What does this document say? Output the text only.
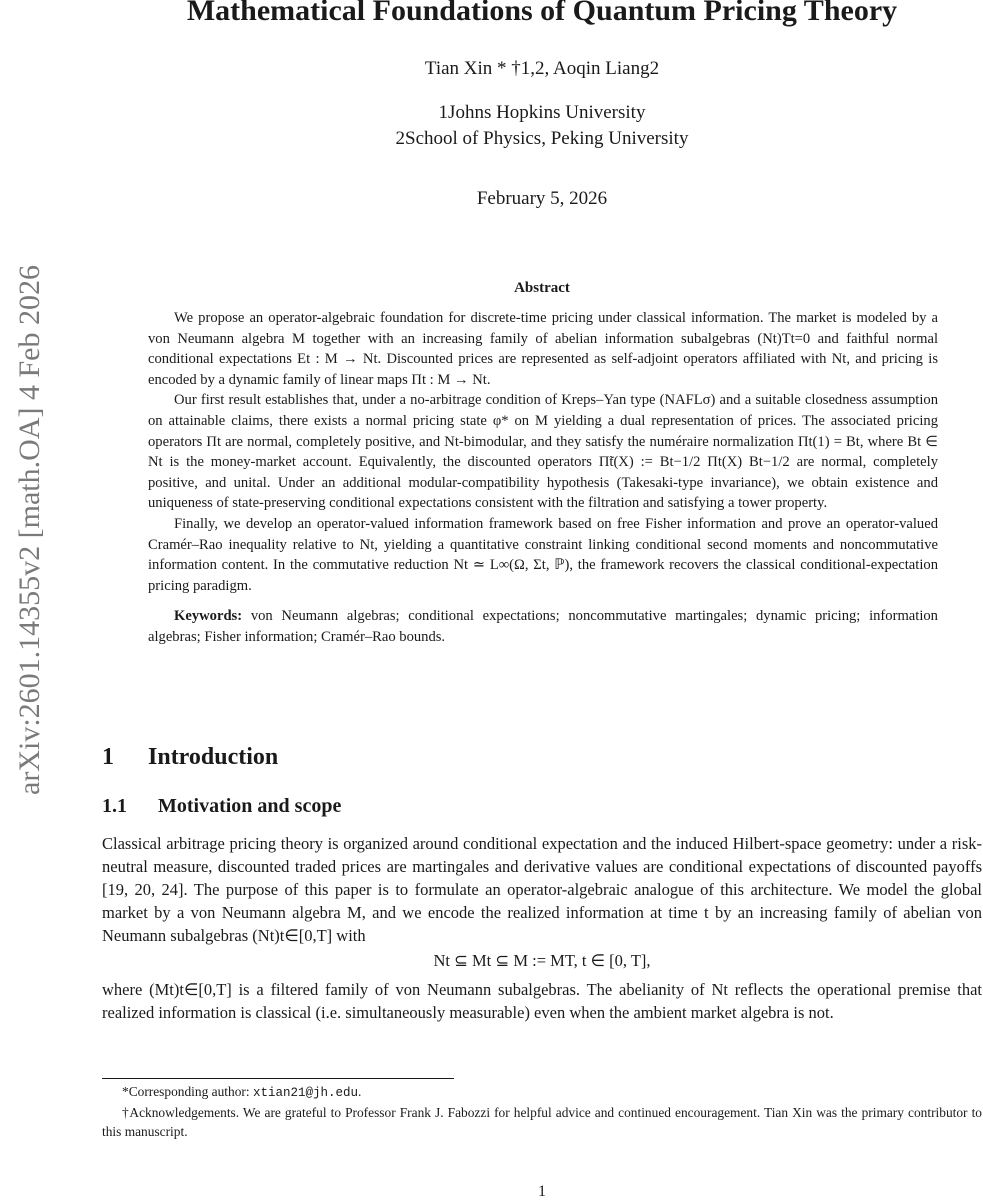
arXiv:2601.14355v2 [math.OA] 4 Feb 2026
Mathematical Foundations of Quantum Pricing Theory
Tian Xin * †1,2, Aoqin Liang2
1Johns Hopkins University
2School of Physics, Peking University
February 5, 2026
Abstract

We propose an operator-algebraic foundation for discrete-time pricing under classical information. The market is modeled by a von Neumann algebra M together with an increasing family of abelian information subalgebras (Nt)Tt=0 and faithful normal conditional expectations Et : M → Nt. Discounted prices are represented as self-adjoint operators affiliated with Nt, and pricing is encoded by a dynamic family of linear maps Πt : M → Nt.

Our first result establishes that, under a no-arbitrage condition of Kreps–Yan type (NAFLσ) and a suitable closedness assumption on attainable claims, there exists a normal pricing state φ* on M yielding a dual representation of prices. The associated pricing operators Πt are normal, completely positive, and Nt-bimodular, and they satisfy the numéraire normalization Πt(1) = Bt, where Bt ∈ Nt is the money-market account. Equivalently, the discounted operators Π̃t(X) := Bt−1/2 Πt(X) Bt−1/2 are normal, completely positive, and unital. Under an additional modular-compatibility hypothesis (Takesaki-type invariance), we obtain existence and uniqueness of state-preserving conditional expectations consistent with the filtration and satisfying a tower property.

Finally, we develop an operator-valued information framework based on free Fisher information and prove an operator-valued Cramér–Rao inequality relative to Nt, yielding a quantitative constraint linking conditional second moments and noncommutative information content. In the commutative reduction Nt ≃ L∞(Ω, Σt, ℙ), the framework recovers the classical conditional-expectation pricing paradigm.

Keywords: von Neumann algebras; conditional expectations; noncommutative martingales; dynamic pricing; information algebras; Fisher information; Cramér–Rao bounds.

1 Introduction
1.1 Motivation and scope

Classical arbitrage pricing theory is organized around conditional expectation and the induced Hilbert-space geometry: under a risk-neutral measure, discounted traded prices are martingales and derivative values are conditional expectations of discounted payoffs [19, 20, 24]. The purpose of this paper is to formulate an operator-algebraic analogue of this architecture. We model the global market by a von Neumann algebra M, and we encode the realized information at time t by an increasing family of abelian von Neumann subalgebras (Nt)t∈[0,T] with

Nt ⊆ Mt ⊆ M := MT, t ∈ [0, T],

where (Mt)t∈[0,T] is a filtered family of von Neumann subalgebras. The abelianity of Nt reflects the operational premise that realized information is classical (i.e. simultaneously measurable) even when the ambient market algebra is not.

*Corresponding author: xtian21@jh.edu.

†Acknowledgements. We are grateful to Professor Frank J. Fabozzi for helpful advice and continued encouragement. Tian Xin was the primary contributor to this manuscript.

1
